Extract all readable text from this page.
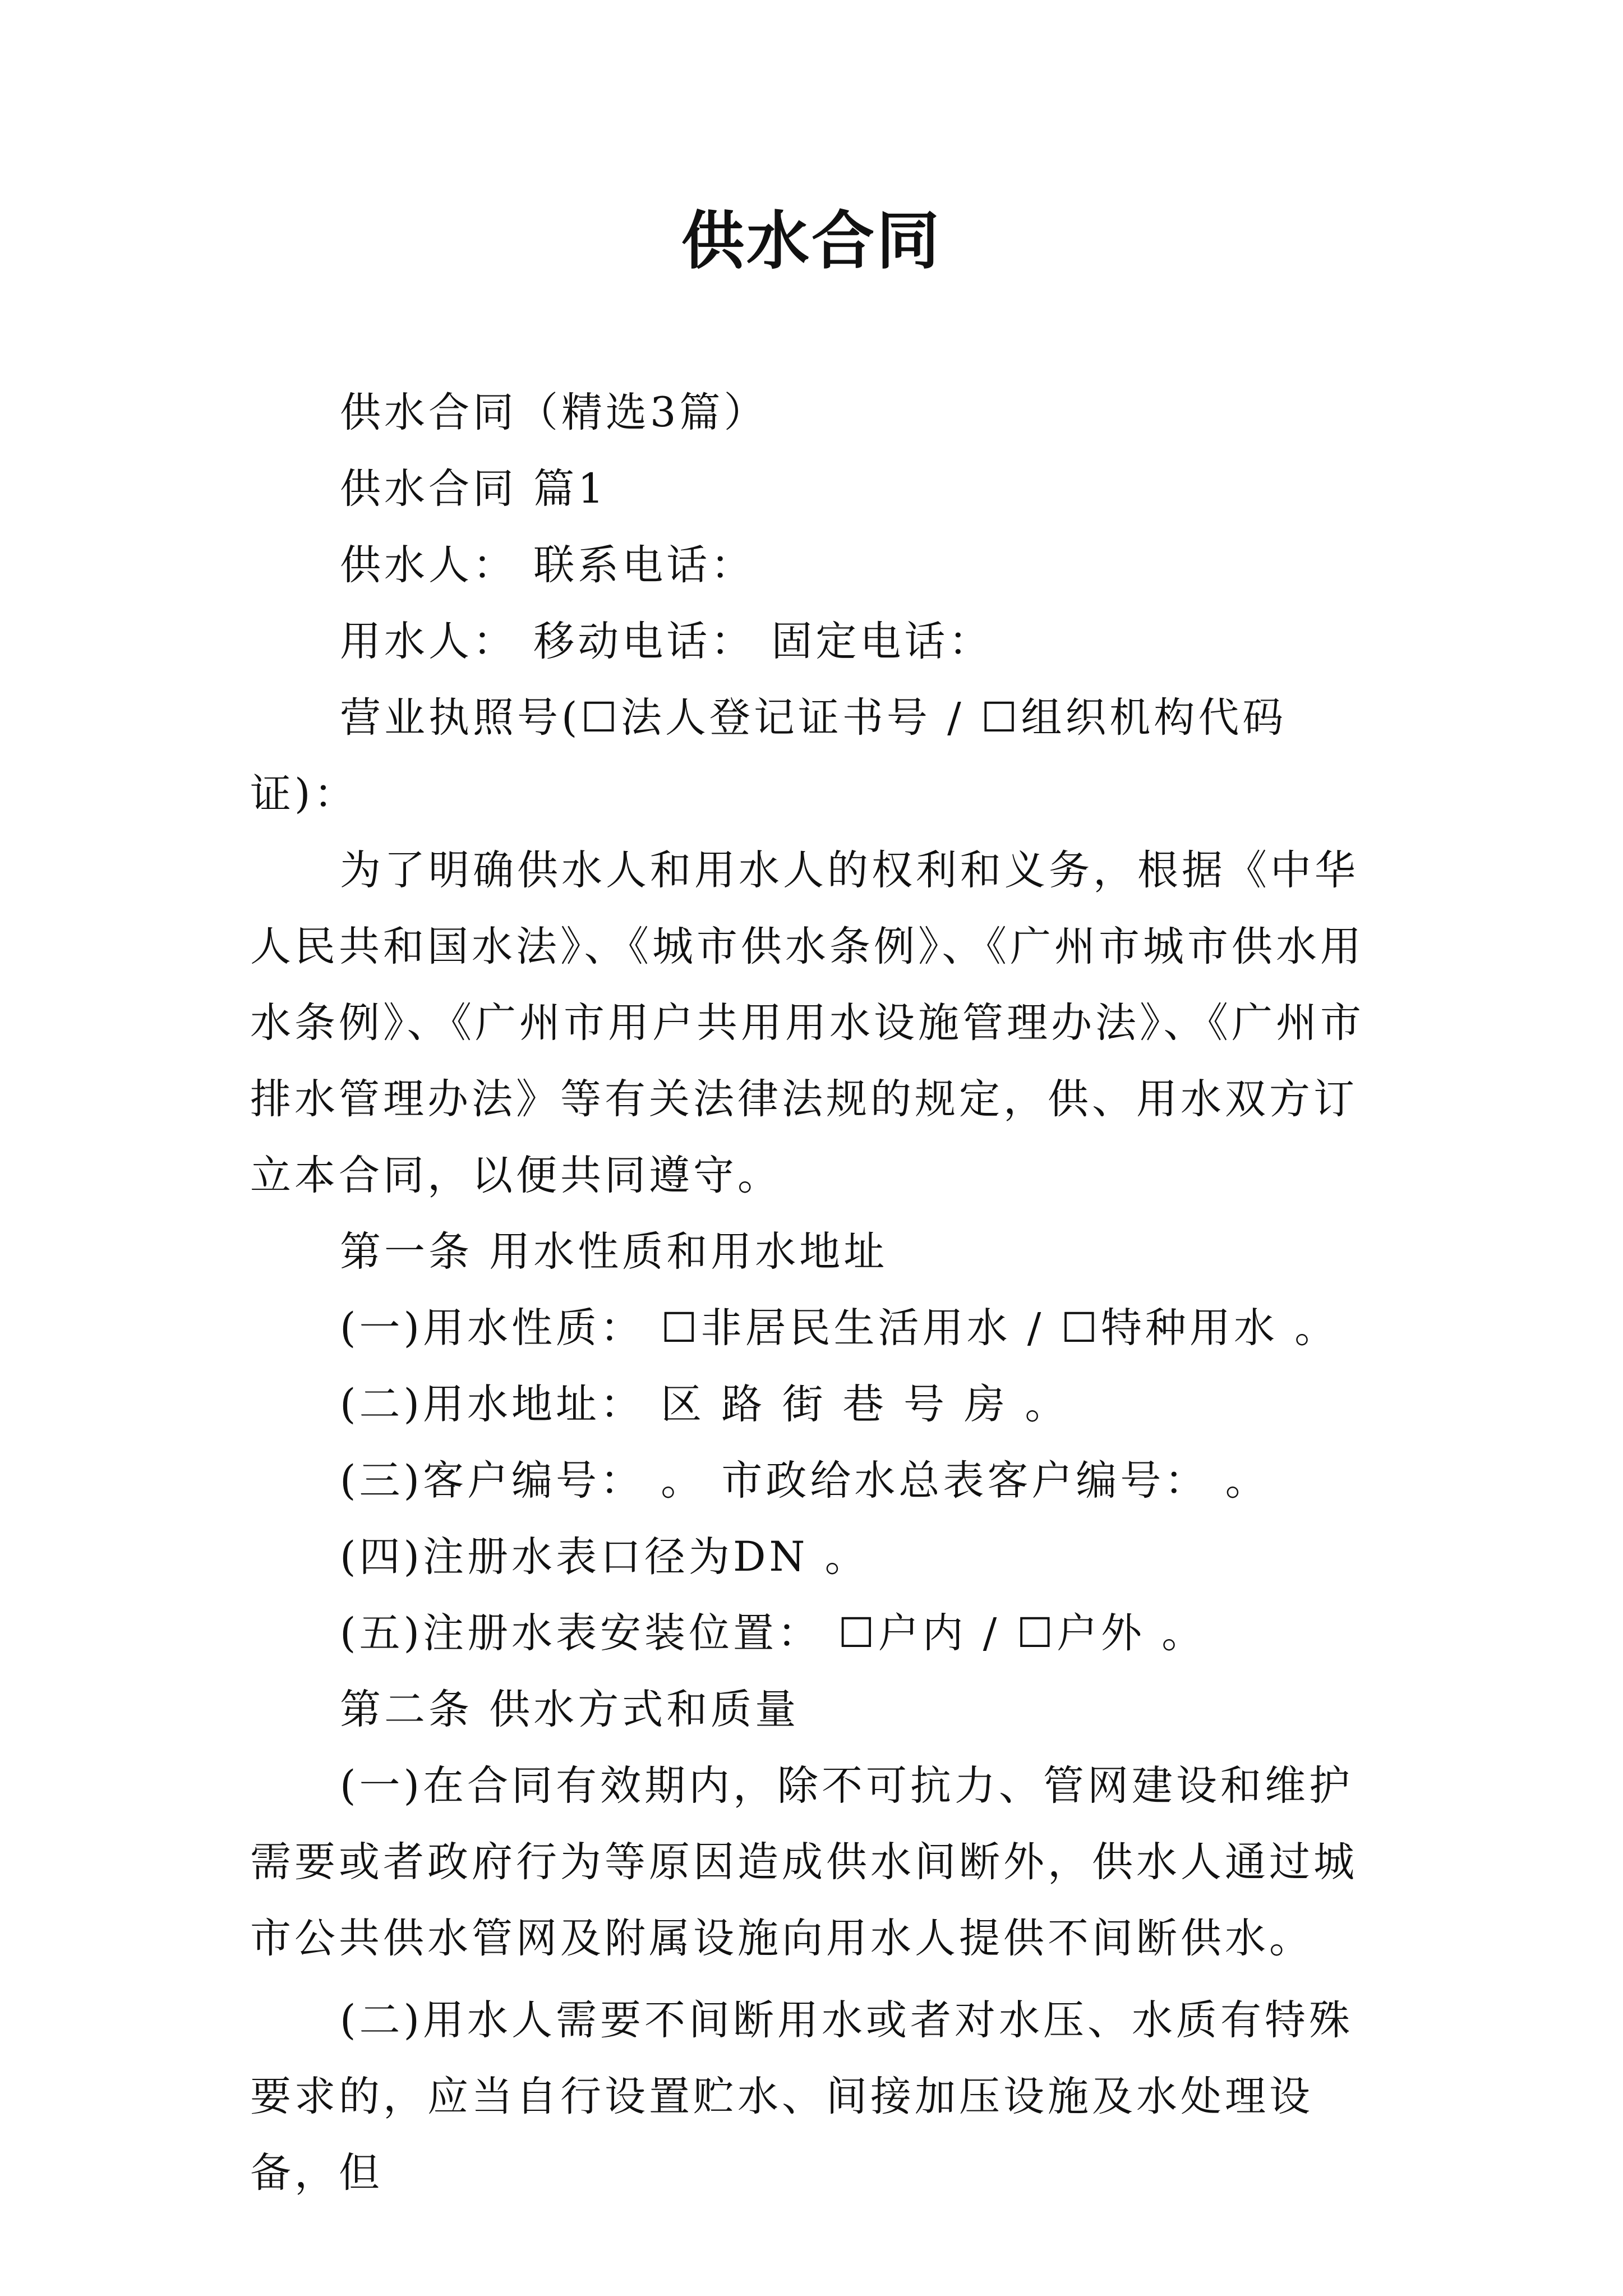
供水合同

供水合同（精选3篇）

供水合同 篇1

供水人： 联系电话：

用水人： 移动电话： 固定电话：

营业执照号(☐法人登记证书号 / ☐组织机构代码证)：

为了明确供水人和用水人的权利和义务，根据《中华人民共和国水法》、《城市供水条例》、《广州市城市供水用水条例》、《广州市用户共用用水设施管理办法》、《广州市排水管理办法》等有关法律法规的规定，供、用水双方订立本合同，以便共同遵守。

第一条 用水性质和用水地址

(一)用水性质： ☐非居民生活用水 / ☐特种用水 。

(二)用水地址： 区 路 街 巷 号 房 。

(三)客户编号： 。 市政给水总表客户编号： 。

(四)注册水表口径为DN 。

(五)注册水表安装位置： ☐户内 / ☐户外 。

第二条 供水方式和质量

(一)在合同有效期内，除不可抗力、管网建设和维护需要或者政府行为等原因造成供水间断外，供水人通过城市公共供水管网及附属设施向用水人提供不间断供水。

(二)用水人需要不间断用水或者对水压、水质有特殊要求的，应当自行设置贮水、间接加压设施及水处理设备，但
